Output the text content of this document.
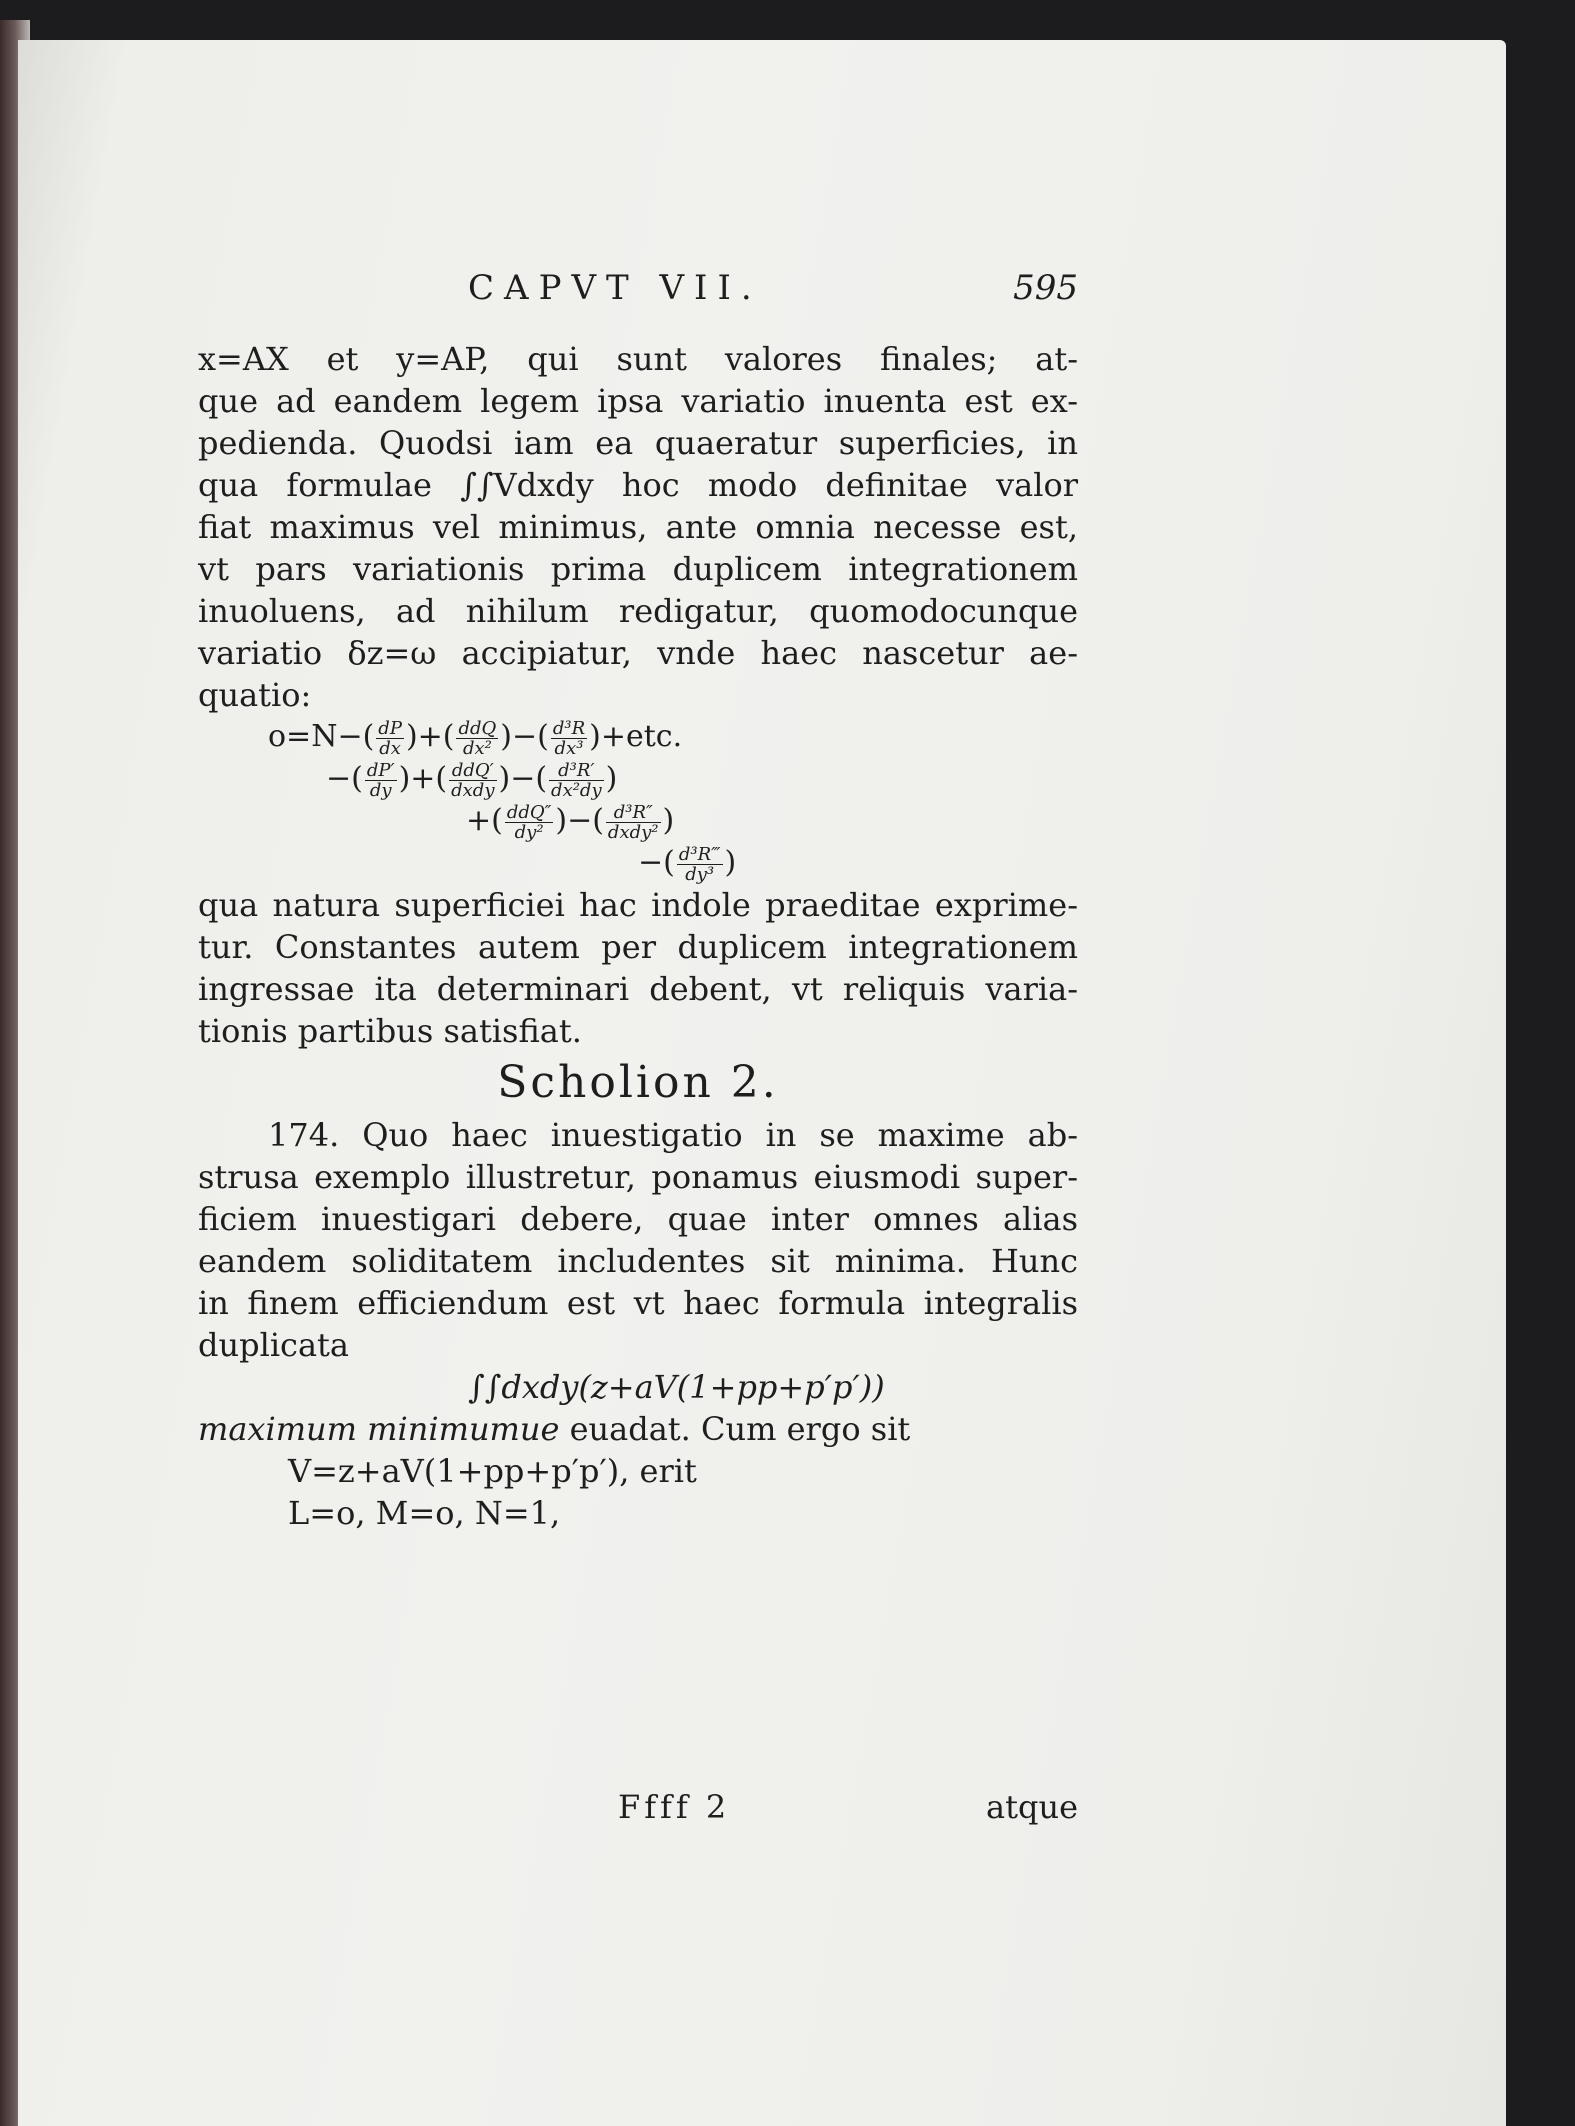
CAPVT VII.	595
x=AX et y=AP, qui sunt valores finales; at-
que ad eandem legem ipsa variatio inuenta est ex-
pedienda. Quodsi iam ea quaeratur superficies, in
qua formulae ∫∫Vdxdy hoc modo definitae valor
fiat maximus vel minimus, ante omnia necesse est,
vt pars variationis prima duplicem integrationem
inuoluens, ad nihilum redigatur, quomodocunque
variatio δz=ω accipiatur, vnde haec nascetur ae-
quatio:
$o=N-( \frac{dP}{dx}$ )+( $\frac{\text{ddQ}}{\text{dx²}}$ )−( $\frac{\text{d³R}}{\text{dx³}} )+etc$.
−( $\frac{dP'}{dy}$ )+( $\frac{\text{ddQ′}}{\text{dxdy}}$ )−( $\frac{\text{d³R′}}{\text{dx²dy}}$ )
+( $\frac{\text{ddQ″}}{\text{dy²}}$ )−( $\frac{\text{d³R″}}{\text{dxdy²}}$ )
−( $\frac{\text{d³R‴}}{\text{dy³}}$ )
qua natura superficiei hac indole praeditae exprime-
tur. Constantes autem per duplicem integrationem
ingressae ita determinari debent, vt reliquis varia-
tionis partibus satisfiat.
Scholion 2.
174. Quo haec inuestigatio in se maxime ab-
strusa exemplo illustretur, ponamus eiusmodi super-
ficiem inuestigari debere, quae inter omnes alias
eandem soliditatem includentes sit minima. Hunc
in finem efficiendum est vt haec formula integralis
duplicata
∫∫dxdy(z+aV(1+pp+p′p′))
maximum minimumue euadat. Cum ergo sit
V=z+aV(1+pp+p′p′), erit
L=o, M=o, N=1,
Ffff 2	atque
